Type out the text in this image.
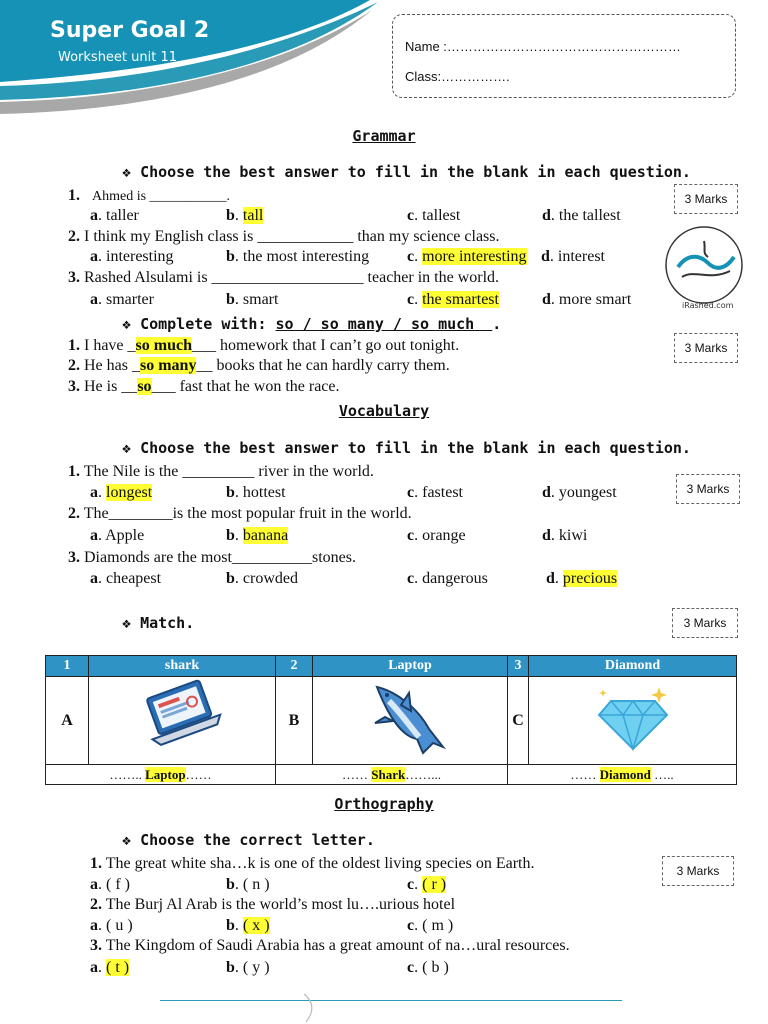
Super Goal 2
Worksheet unit 11
Name :………………………………………………
Class:…………….
Grammar
❖ Choose the best answer to fill in the blank in each question.
3 Marks
1. Ahmed is ___________.
a. taller	b. tall	c. tallest	d. the tallest
2. I think my English class is ____________ than my science class.
a. interesting	b. the most interesting c. more interesting d. interest
3. Rashed Alsulami is ___________________ teacher in the world.
a. smarter	b. smart	c. the smartest	d. more smart	iRashed.com
❖ Complete with: so / so many / so much .
3 Marks
1. I have _so much___ homework that I can’t go out tonight.
2. He has _so many__ books that he can hardly carry them.
3. He is __so___ fast that he won the race.
Vocabulary
❖ Choose the best answer to fill in the blank in each question.
3 Marks
1. The Nile is the _________ river in the world.
a. longest	b. hottest	c. fastest	d. youngest
2. The________is the most popular fruit in the world.
a. Apple	b. banana	c. orange	d. kiwi
3. Diamonds are the most__________stones.
a. cheapest	b. crowded	c. dangerous	d. precious
❖ Match.	3 Marks
1	shark	2	Laptop	3	Diamond
A		B		C	
…….. Laptop……		…… Shark……...		…… Diamond …..	
Orthography
❖ Choose the correct letter.
3 Marks
1. The great white sha…k is one of the oldest living species on Earth.
a. ( f )	b. ( n )	c. ( r )
2. The Burj Al Arab is the world’s most lu….urious hotel
a. ( u )	b. ( x )	c. ( m )
3. The Kingdom of Saudi Arabia has a great amount of na…ural resources.
a. ( t )	b. ( y )	c. ( b )
